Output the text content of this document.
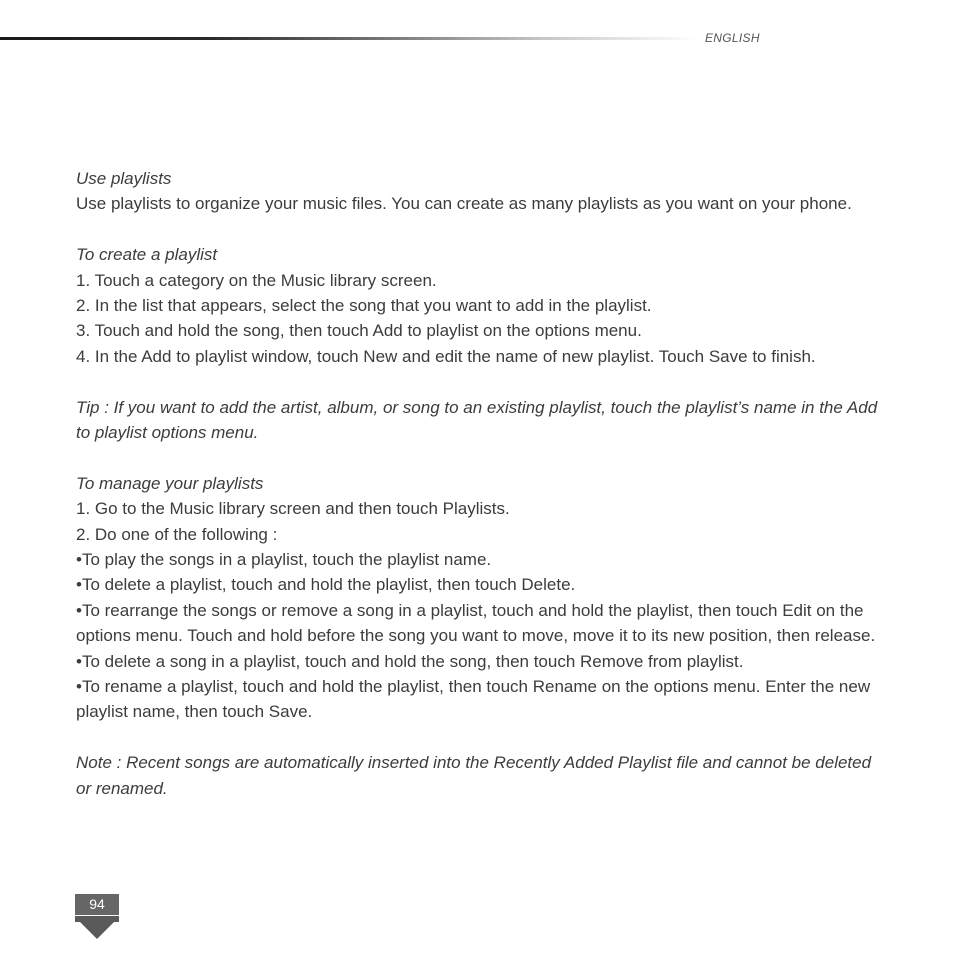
ENGLISH

Use playlists

Use playlists to organize your music files. You can create as many playlists as you want on your phone.

To create a playlist

1. Touch a category on the Music library screen.

2. In the list that appears, select the song that you want to add in the playlist.

3. Touch and hold the song, then touch Add to playlist on the options menu.

4. In the Add to playlist window, touch New and edit the name of new playlist. Touch Save to finish.

Tip : If you want to add the artist, album, or song to an existing playlist, touch the playlist’s name in the Add to playlist options menu.

To manage your playlists

1. Go to the Music library screen and then touch Playlists.

2. Do one of the following :

•To play the songs in a playlist, touch the playlist name.

•To delete a playlist, touch and hold the playlist, then touch Delete.

•To rearrange the songs or remove a song in a playlist, touch and hold the playlist, then touch Edit on the options menu. Touch and hold before the song you want to move, move it to its new position, then release.

•To delete a song in a playlist, touch and hold the song, then touch Remove from playlist.

•To rename a playlist, touch and hold the playlist, then touch Rename on the options menu. Enter the new playlist name, then touch Save.

Note : Recent songs are automatically inserted into the Recently Added Playlist file and cannot be deleted or renamed.

94
